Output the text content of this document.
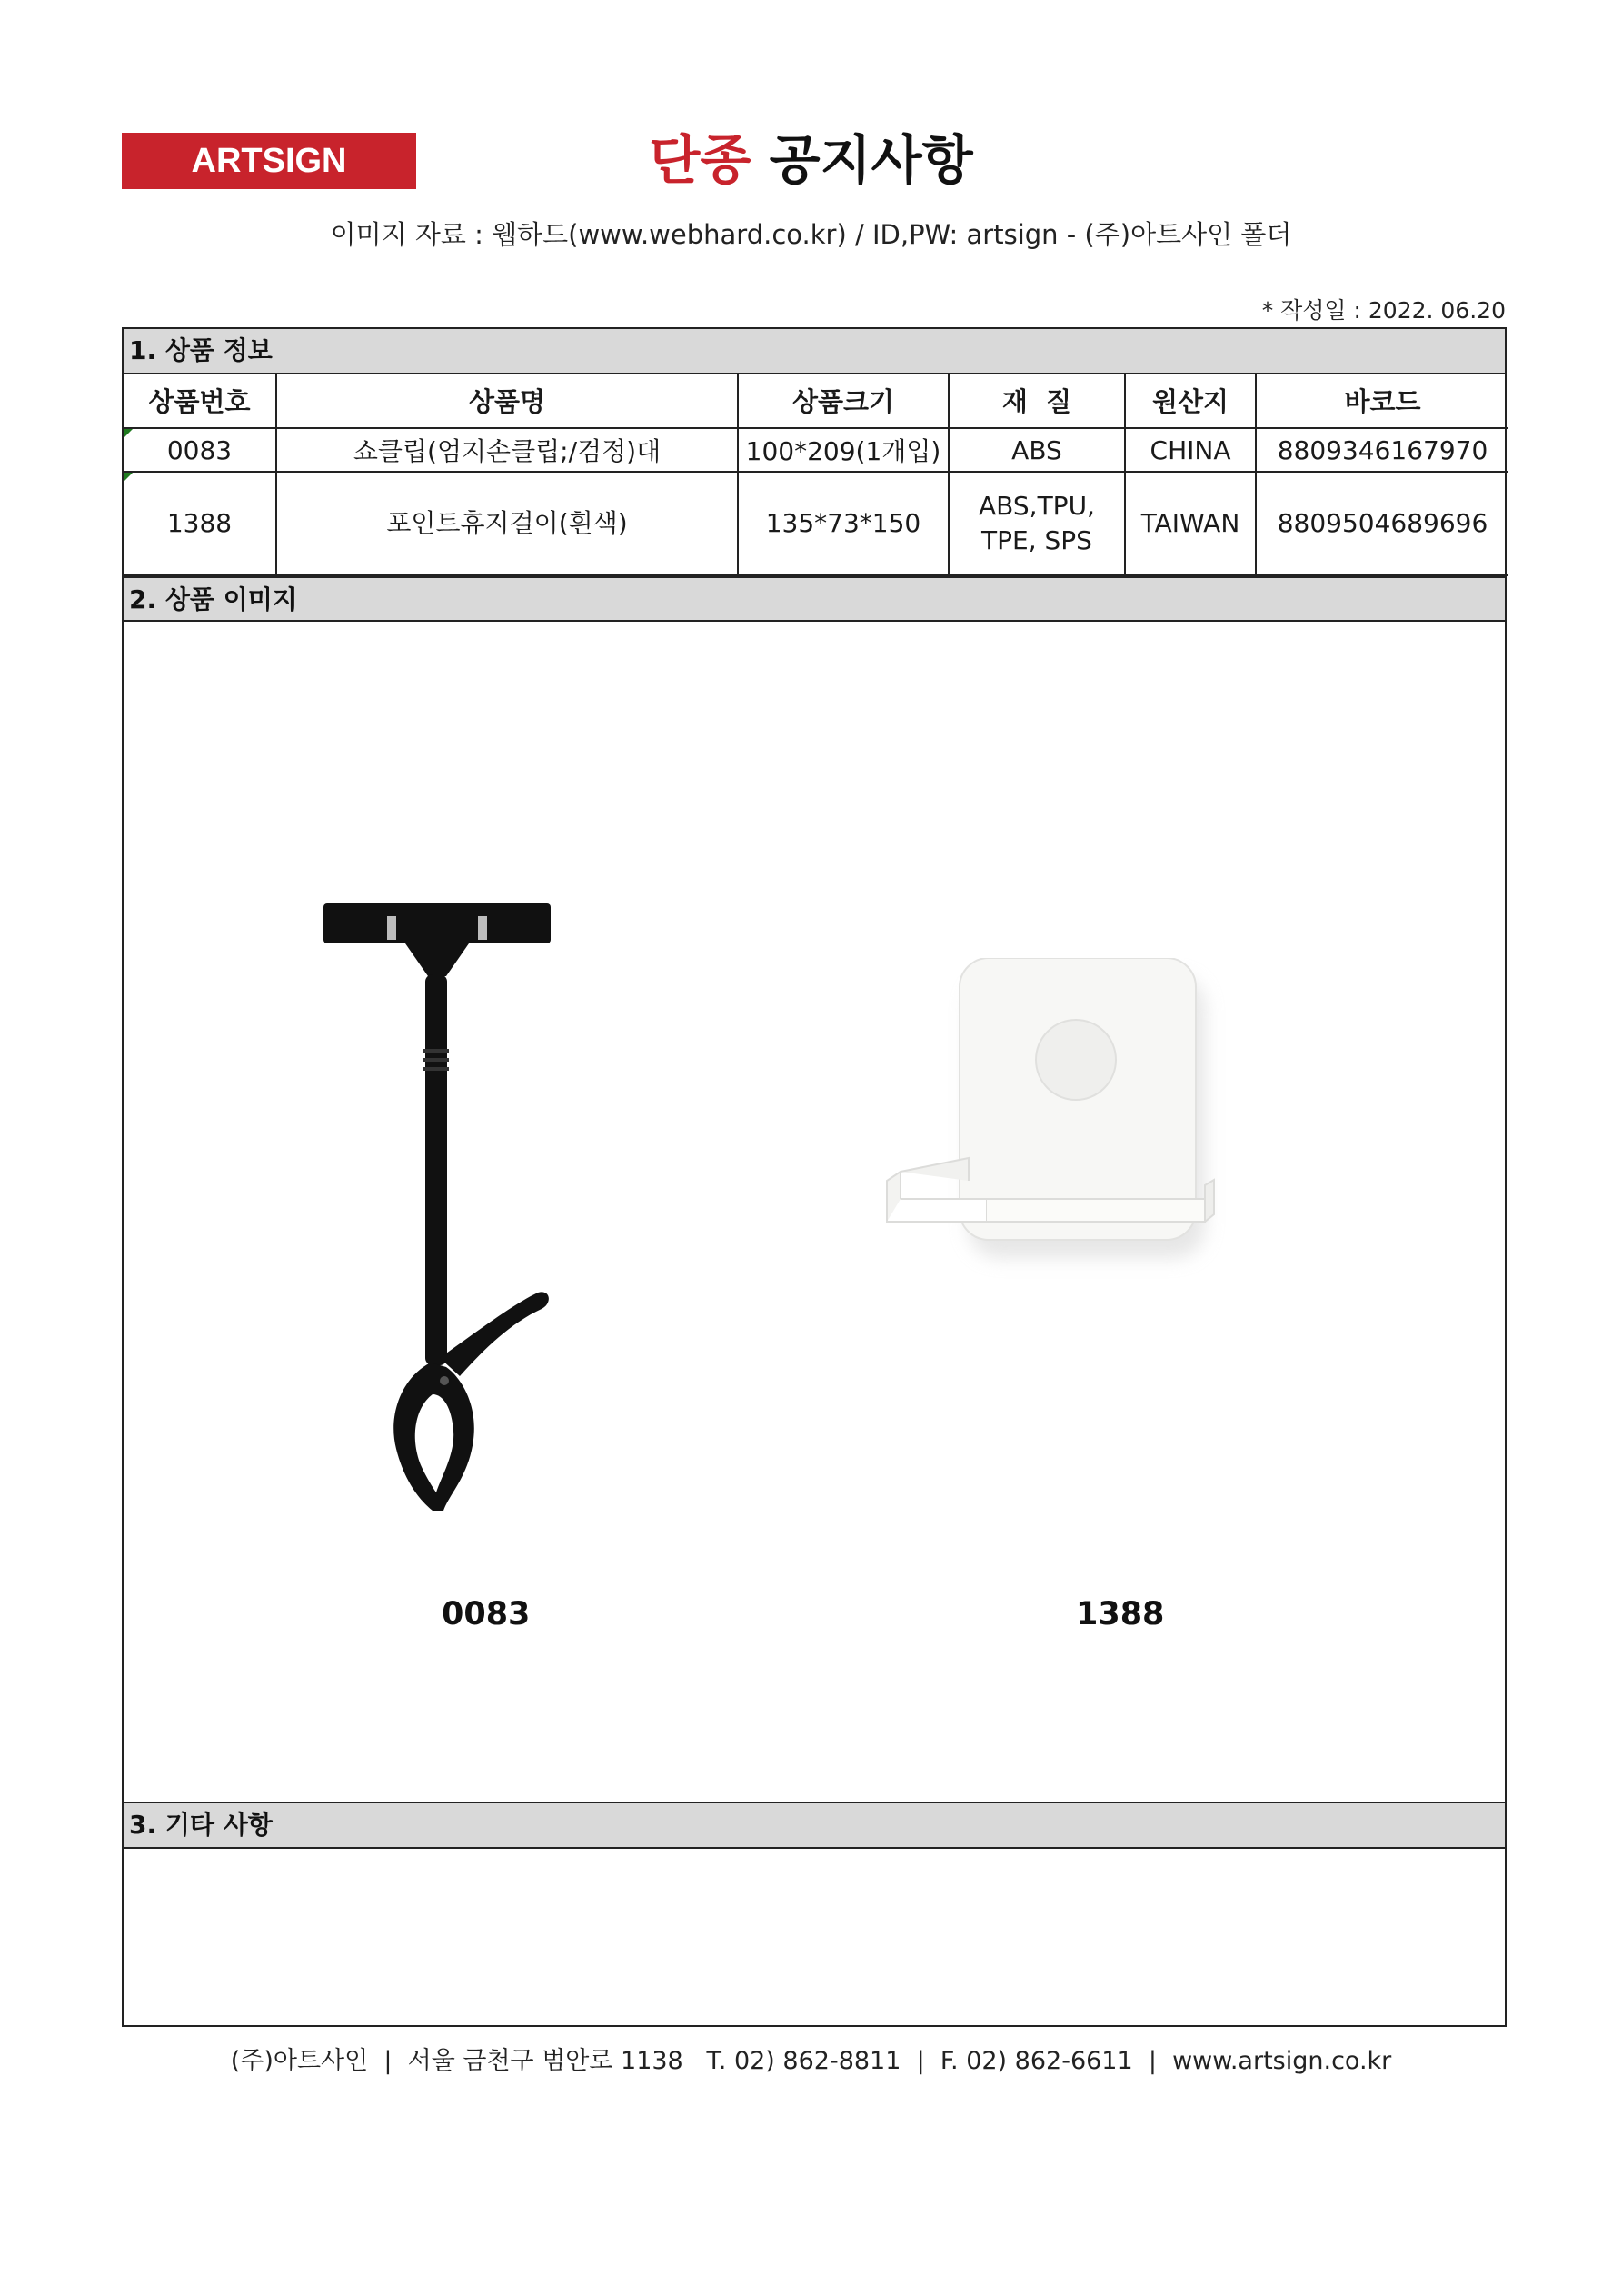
ARTSIGN	단종 공지사항
이미지 자료 : 웹하드(www.webhard.co.kr) / ID,PW: artsign - (주)아트사인 폴더
* 작성일 : 2022. 06.20
1. 상품 정보
상품번호	상품명	상품크기	재  질	원산지	바코드
0083	쇼클립(엄지손클립;/검정)대	100*209(1개입)	ABS	CHINA	8809346167970
1388	포인트휴지걸이(흰색)	135*73*150	ABS,TPU,
TPE, SPS	TAIWAN	8809504689696
2. 상품 이미지
0083	1388
3. 기타 사항
(주)아트사인  |  서울 금천구 범안로 1138   T. 02) 862-8811  |  F. 02) 862-6611  |  www.artsign.co.kr
